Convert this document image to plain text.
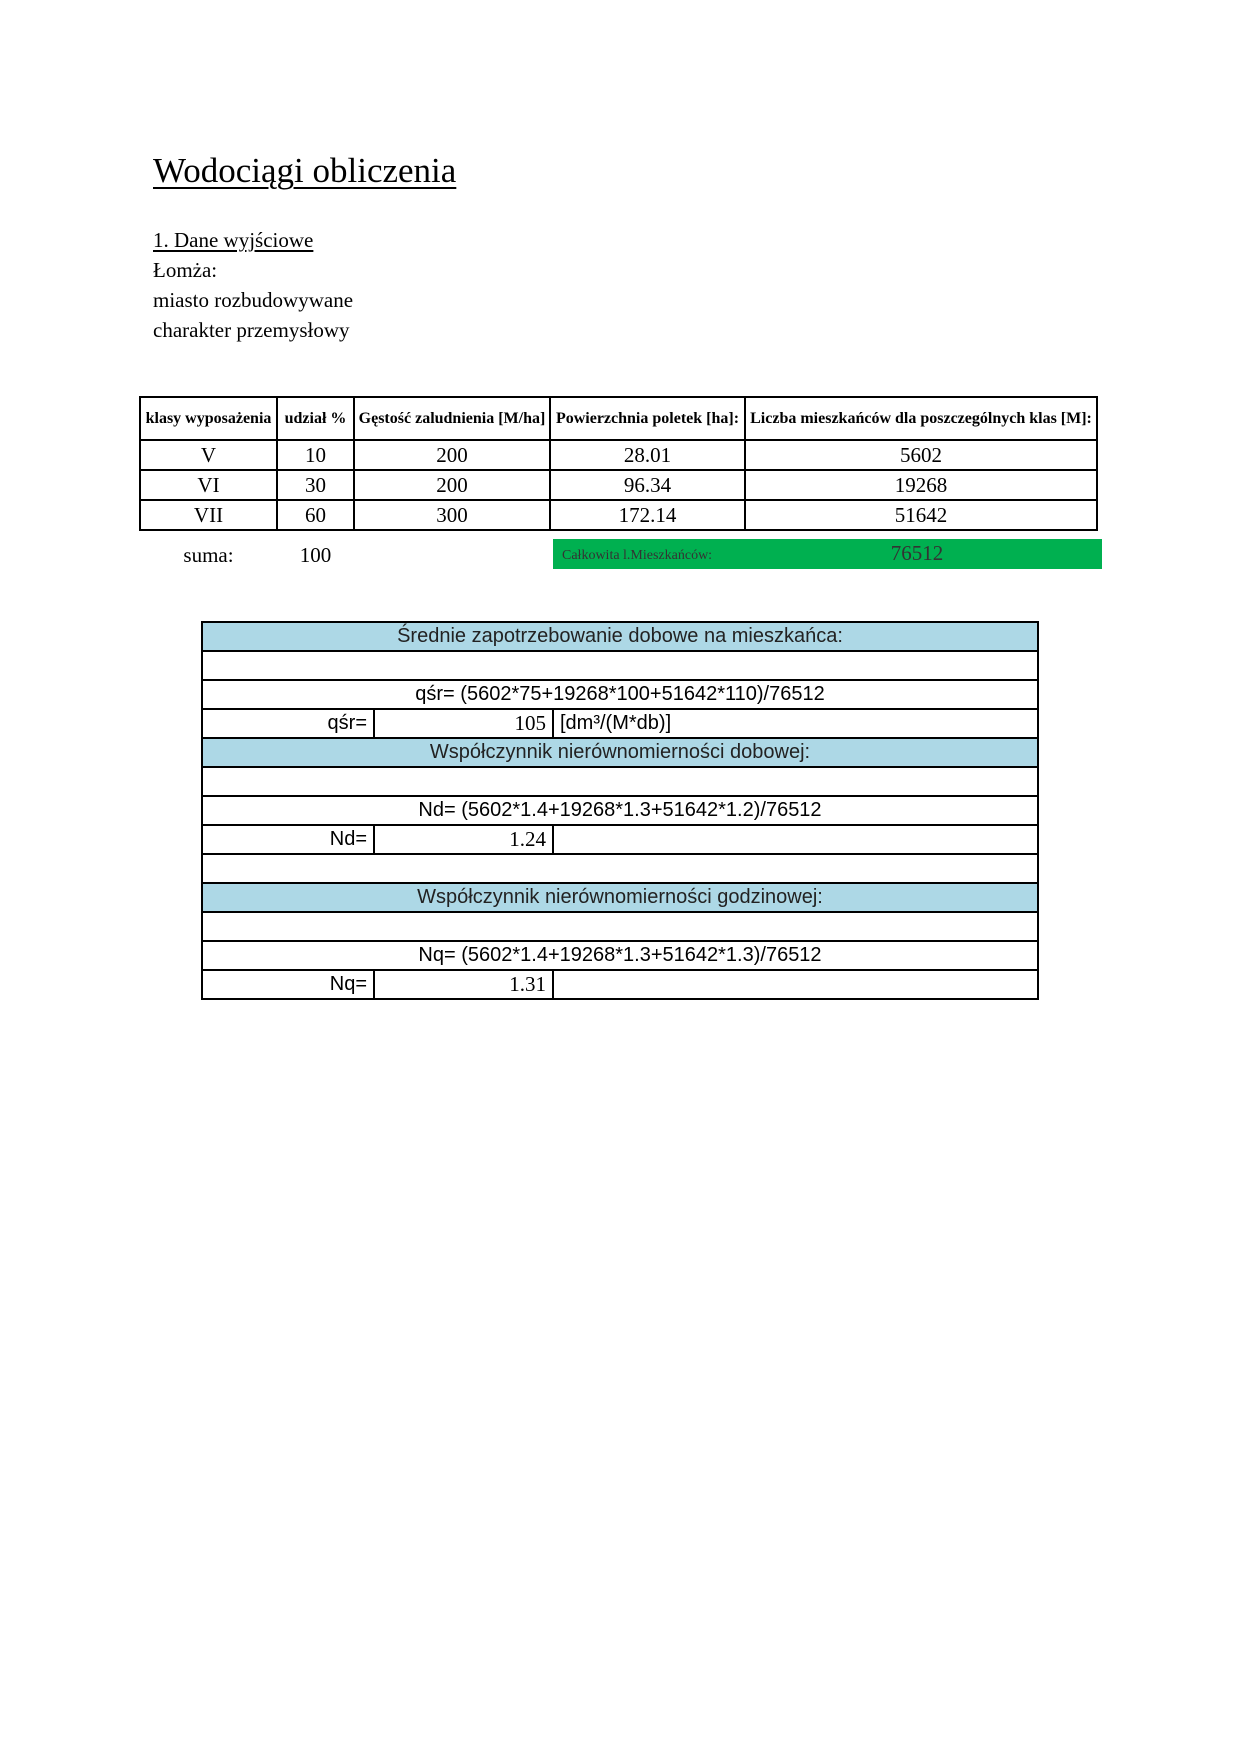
Wodociągi obliczenia
1. Dane wyjściowe
Łomża:
miasto rozbudowywane
charakter przemysłowy
klasy wyposażenia	udział %	Gęstość zaludnienia [M/ha]	Powierzchnia poletek [ha]:	Liczba mieszkańców dla poszczególnych klas [M]:
V	10	200	28.01	5602
VI	30	200	96.34	19268
VII	60	300	172.14	51642
suma:	100	Całkowita l.Mieszkańców:	76512
Średnie zapotrzebowanie dobowe na mieszkańca:		

qśr= (5602*75+19268*100+51642*110)/76512		
qśr=	105	[dm³/(M*db)]
Współczynnik nierównomierności dobowej:		

Nd= (5602*1.4+19268*1.3+51642*1.2)/76512		
Nd=	1.24	

Współczynnik nierównomierności godzinowej:		

Nq= (5602*1.4+19268*1.3+51642*1.3)/76512		
Nq=	1.31	
